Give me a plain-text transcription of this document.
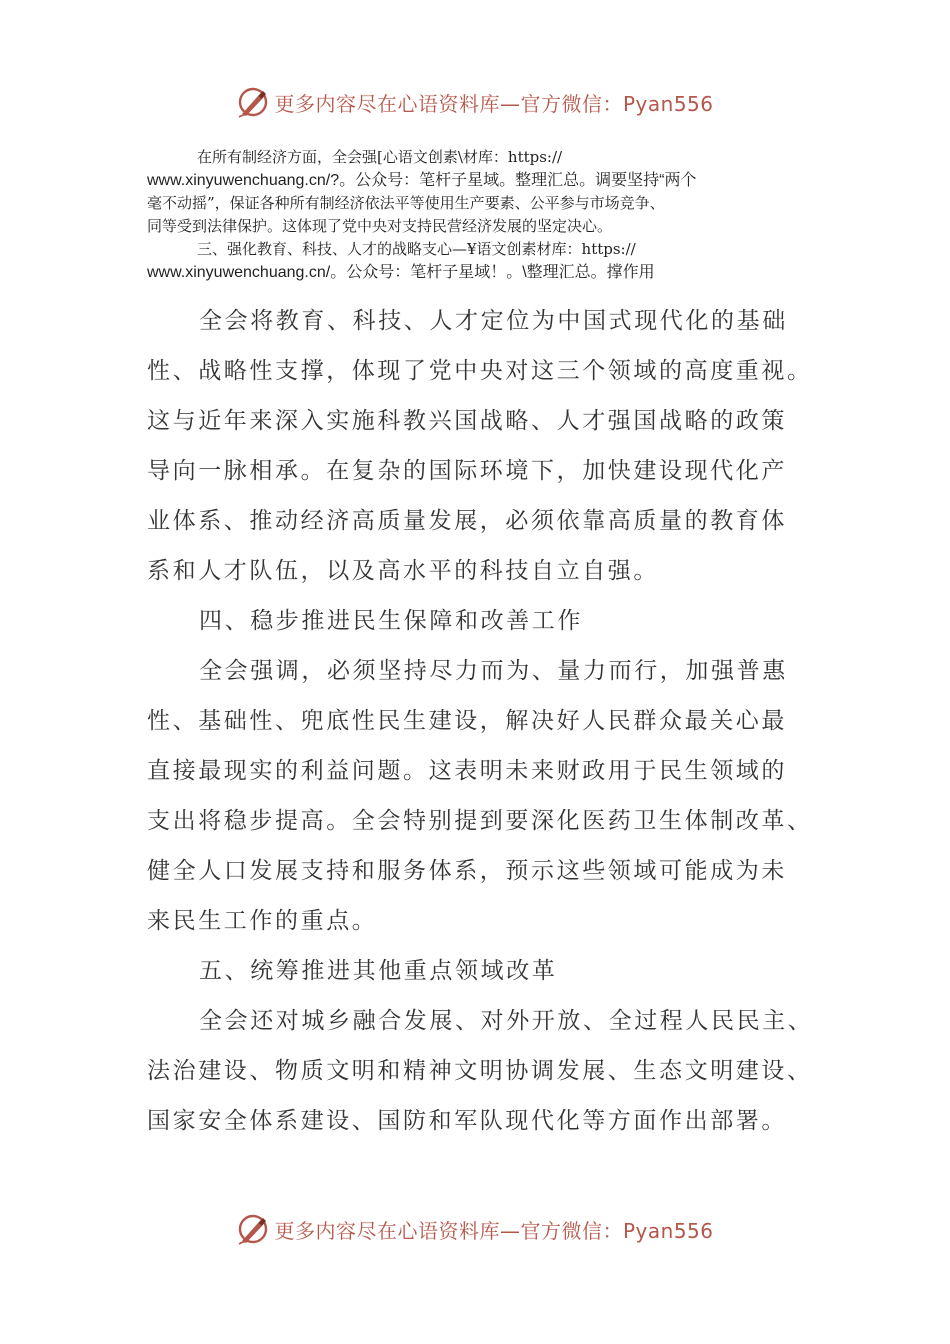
更多内容尽在心语资料库—官方微信：Pyan556

在所有制经济方面，全会强[心语文创素\材库：https://

www.xinyuwenchuang.cn/?。公众号：笔杆子星域。整理汇总。调要坚持“两个

毫不动摇”，保证各种所有制经济依法平等使用生产要素、公平参与市场竞争、

同等受到法律保护。这体现了党中央对支持民营经济发展的坚定决心。

三、强化教育、科技、人才的战略支心—¥语文创素材库：https://

www.xinyuwenchuang.cn/。公众号：笔杆子星域！。\整理汇总。撑作用

全会将教育、科技、人才定位为中国式现代化的基础

性、战略性支撑，体现了党中央对这三个领域的高度重视。

这与近年来深入实施科教兴国战略、人才强国战略的政策

导向一脉相承。在复杂的国际环境下，加快建设现代化产

业体系、推动经济高质量发展，必须依靠高质量的教育体

系和人才队伍，以及高水平的科技自立自强。

四、稳步推进民生保障和改善工作

全会强调，必须坚持尽力而为、量力而行，加强普惠

性、基础性、兜底性民生建设，解决好人民群众最关心最

直接最现实的利益问题。这表明未来财政用于民生领域的

支出将稳步提高。全会特别提到要深化医药卫生体制改革、

健全人口发展支持和服务体系，预示这些领域可能成为未

来民生工作的重点。

五、统筹推进其他重点领域改革

全会还对城乡融合发展、对外开放、全过程人民民主、

法治建设、物质文明和精神文明协调发展、生态文明建设、

国家安全体系建设、国防和军队现代化等方面作出部署。

更多内容尽在心语资料库—官方微信：Pyan556
